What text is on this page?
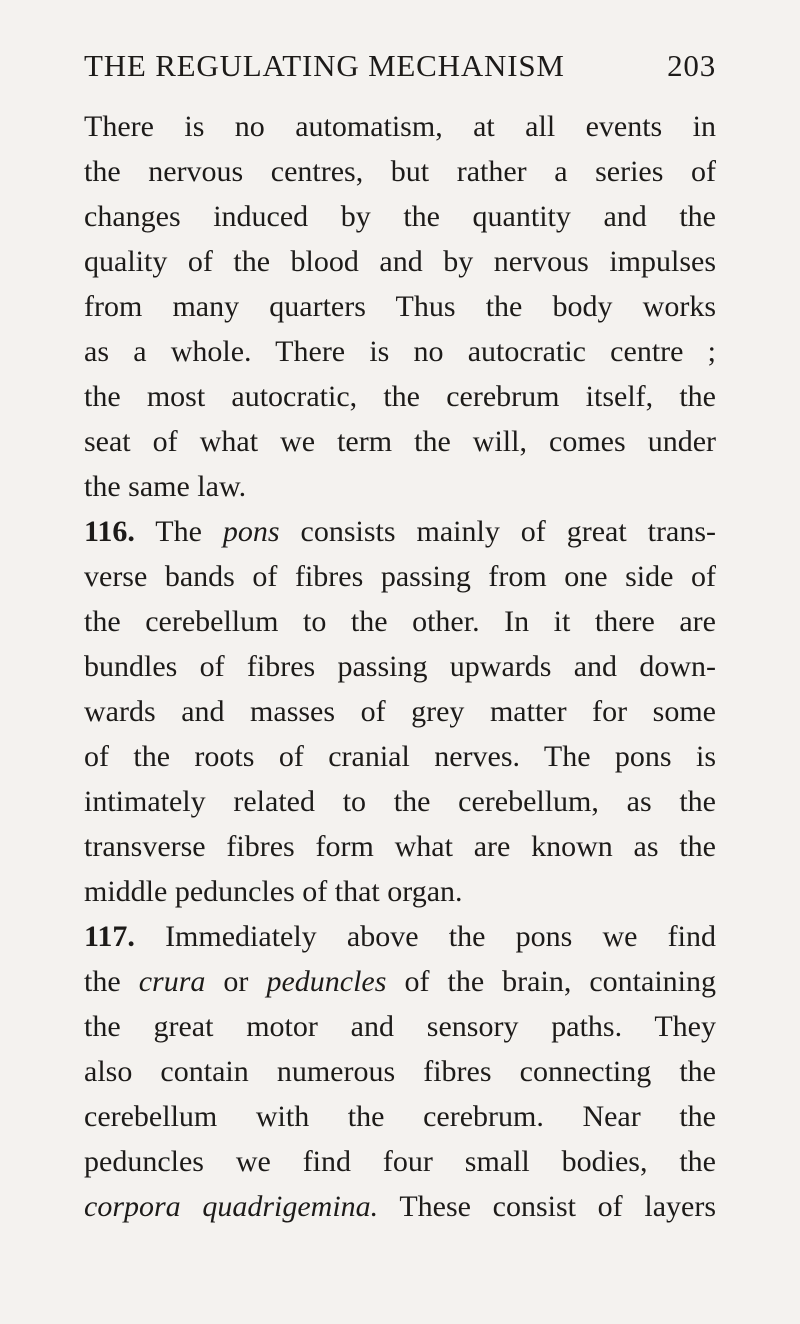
THE REGULATING MECHANISM	203
There is no automatism, at all events in
the nervous centres, but rather a series of
changes induced by the quantity and the
quality of the blood and by nervous impulses
from many quarters Thus the body works
as a whole. There is no autocratic centre ;
the most autocratic, the cerebrum itself, the
seat of what we term the will, comes under
the same law.
116. The pons consists mainly of great trans-
verse bands of fibres passing from one side of
the cerebellum to the other. In it there are
bundles of fibres passing upwards and down-
wards and masses of grey matter for some
of the roots of cranial nerves. The pons is
intimately related to the cerebellum, as the
transverse fibres form what are known as the
middle peduncles of that organ.
117. Immediately above the pons we find
the crura or peduncles of the brain, containing
the great motor and sensory paths. They
also contain numerous fibres connecting the
cerebellum with the cerebrum. Near the
peduncles we find four small bodies, the
corpora quadrigemina. These consist of layers
